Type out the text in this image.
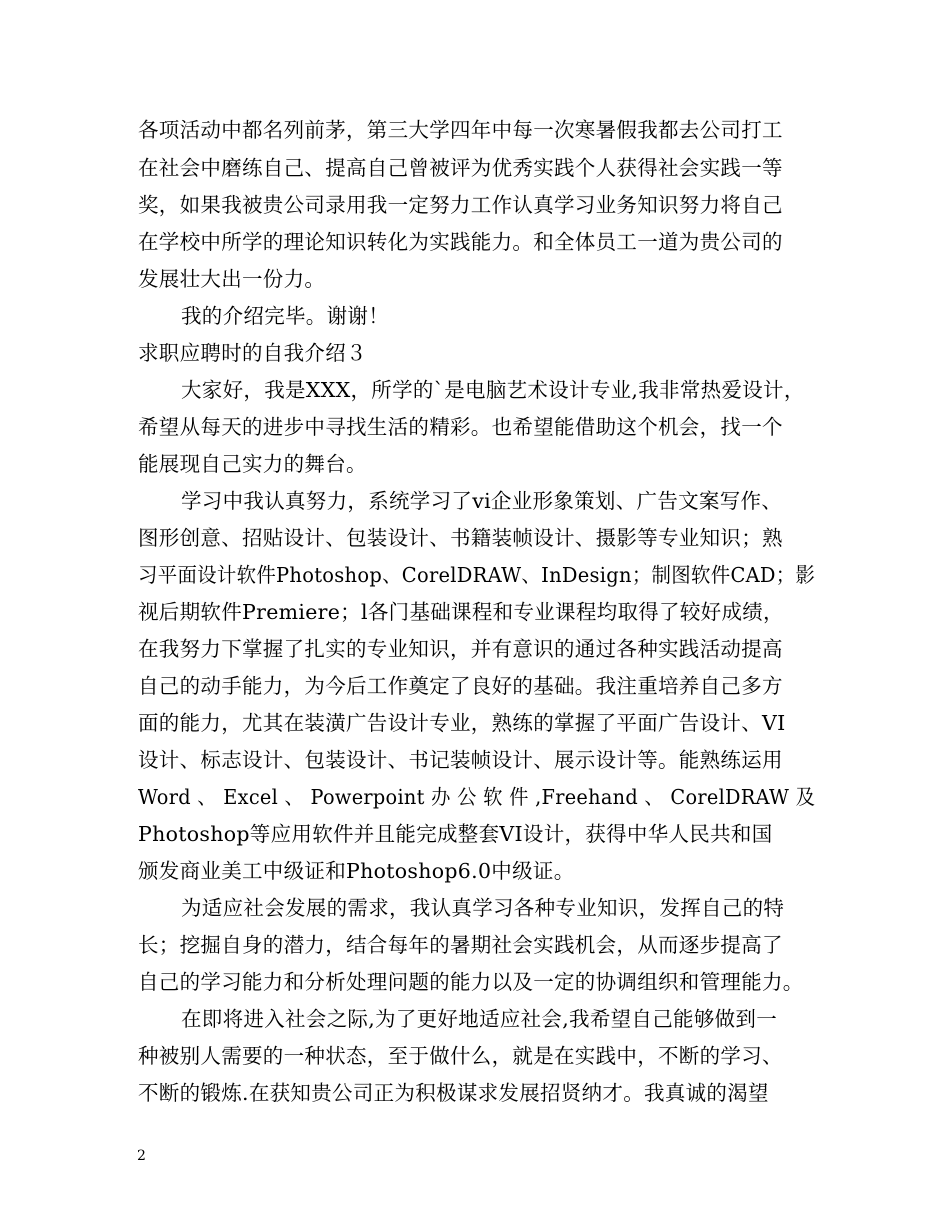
各项活动中都名列前茅，第三大学四年中每一次寒暑假我都去公司打工
在社会中磨练自己、提高自己曾被评为优秀实践个人获得社会实践一等
奖，如果我被贵公司录用我一定努力工作认真学习业务知识努力将自己
在学校中所学的理论知识转化为实践能力。和全体员工一道为贵公司的
发展壮大出一份力。
我的介绍完毕。谢谢！
求职应聘时的自我介绍３
大家好，我是XXX，所学的`是电脑艺术设计专业,我非常热爱设计，
希望从每天的进步中寻找生活的精彩。也希望能借助这个机会，找一个
能展现自己实力的舞台。
学习中我认真努力，系统学习了vi企业形象策划、广告文案写作、
图形创意、招贴设计、包装设计、书籍装帧设计、摄影等专业知识；熟
习平面设计软件Photoshop、CorelDRAW、InDesign；制图软件CAD；影
视后期软件Premiere；l各门基础课程和专业课程均取得了较好成绩，
在我努力下掌握了扎实的专业知识，并有意识的通过各种实践活动提高
自己的动手能力，为今后工作奠定了良好的基础。我注重培养自己多方
面的能力，尤其在装潢广告设计专业，熟练的掌握了平面广告设计、VI
设计、标志设计、包装设计、书记装帧设计、展示设计等。能熟练运用
Word 、 Excel 、 Powerpoint 办 公 软 件 ,Freehand 、 CorelDRAW 及
Photoshop等应用软件并且能完成整套VI设计，获得中华人民共和国
颁发商业美工中级证和Photoshop6.0中级证。
为适应社会发展的需求，我认真学习各种专业知识，发挥自己的特
长；挖掘自身的潜力，结合每年的暑期社会实践机会，从而逐步提高了
自己的学习能力和分析处理问题的能力以及一定的协调组织和管理能力。
在即将进入社会之际,为了更好地适应社会,我希望自己能够做到一
种被别人需要的一种状态，至于做什么，就是在实践中，不断的学习、
不断的锻炼.在获知贵公司正为积极谋求发展招贤纳才。我真诚的渴望
2
